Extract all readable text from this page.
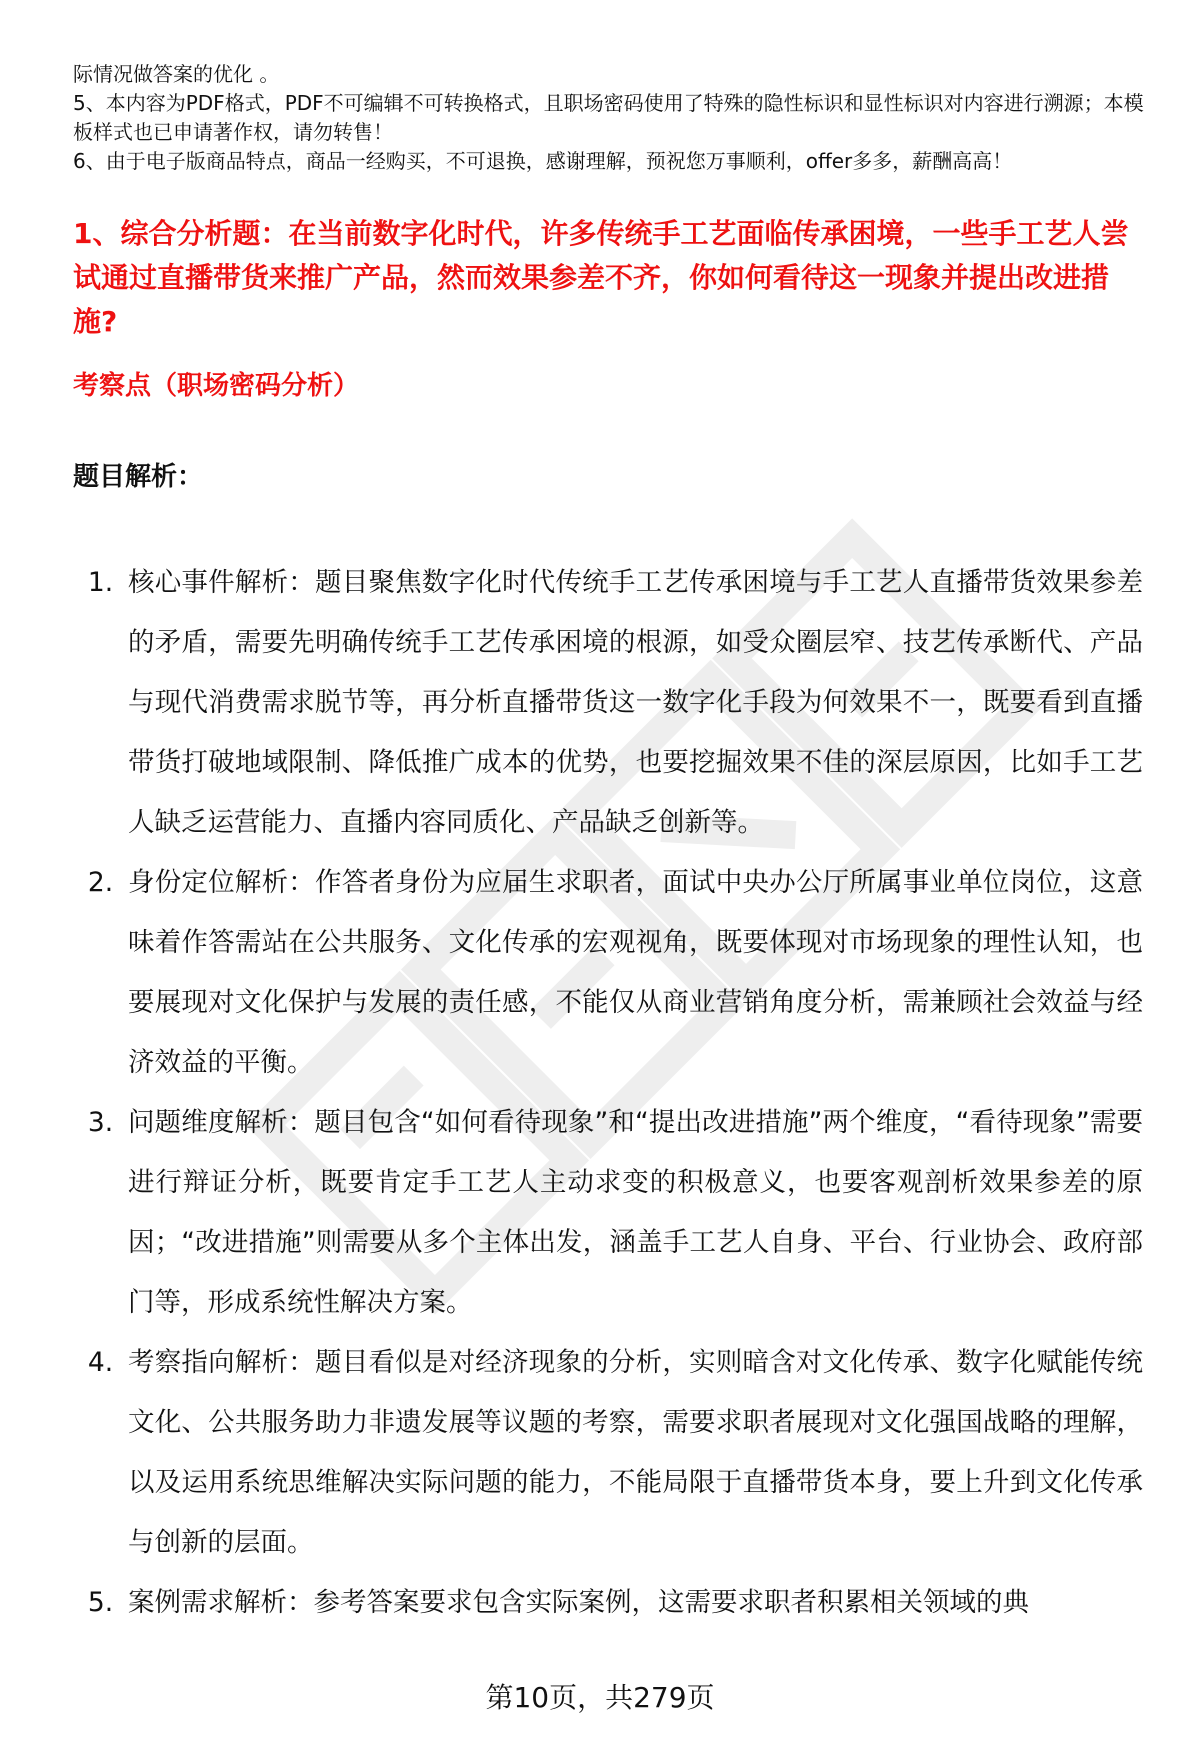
际情况做答案的优化 。

5、本内容为PDF格式，PDF不可编辑不可转换格式，且职场密码使用了特殊的隐性标识和显性标识对内容进行溯源；本模板样式也已申请著作权，请勿转售！

6、由于电子版商品特点，商品一经购买，不可退换，感谢理解，预祝您万事顺利，offer多多，薪酬高高！

1、综合分析题：在当前数字化时代，许多传统手工艺面临传承困境，一些手工艺人尝试通过直播带货来推广产品，然而效果参差不齐，你如何看待这一现象并提出改进措施?
考察点（职场密码分析）
题目解析：
1. 核心事件解析：题目聚焦数字化时代传统手工艺传承困境与手工艺人直播带货效果参差的矛盾，需要先明确传统手工艺传承困境的根源，如受众圈层窄、技艺传承断代、产品与现代消费需求脱节等，再分析直播带货这一数字化手段为何效果不一，既要看到直播带货打破地域限制、降低推广成本的优势，也要挖掘效果不佳的深层原因，比如手工艺人缺乏运营能力、直播内容同质化、产品缺乏创新等。
2. 身份定位解析：作答者身份为应届生求职者，面试中央办公厅所属事业单位岗位，这意味着作答需站在公共服务、文化传承的宏观视角，既要体现对市场现象的理性认知，也要展现对文化保护与发展的责任感，不能仅从商业营销角度分析，需兼顾社会效益与经济效益的平衡。
3. 问题维度解析：题目包含“如何看待现象”和“提出改进措施”两个维度，“看待现象”需要进行辩证分析，既要肯定手工艺人主动求变的积极意义，也要客观剖析效果参差的原因；“改进措施”则需要从多个主体出发，涵盖手工艺人自身、平台、行业协会、政府部门等，形成系统性解决方案。
4. 考察指向解析：题目看似是对经济现象的分析，实则暗含对文化传承、数字化赋能传统文化、公共服务助力非遗发展等议题的考察，需要求职者展现对文化强国战略的理解，以及运用系统思维解决实际问题的能力，不能局限于直播带货本身，要上升到文化传承与创新的层面。
5. 案例需求解析：参考答案要求包含实际案例，这需要求职者积累相关领域的典
第10页，共279页
